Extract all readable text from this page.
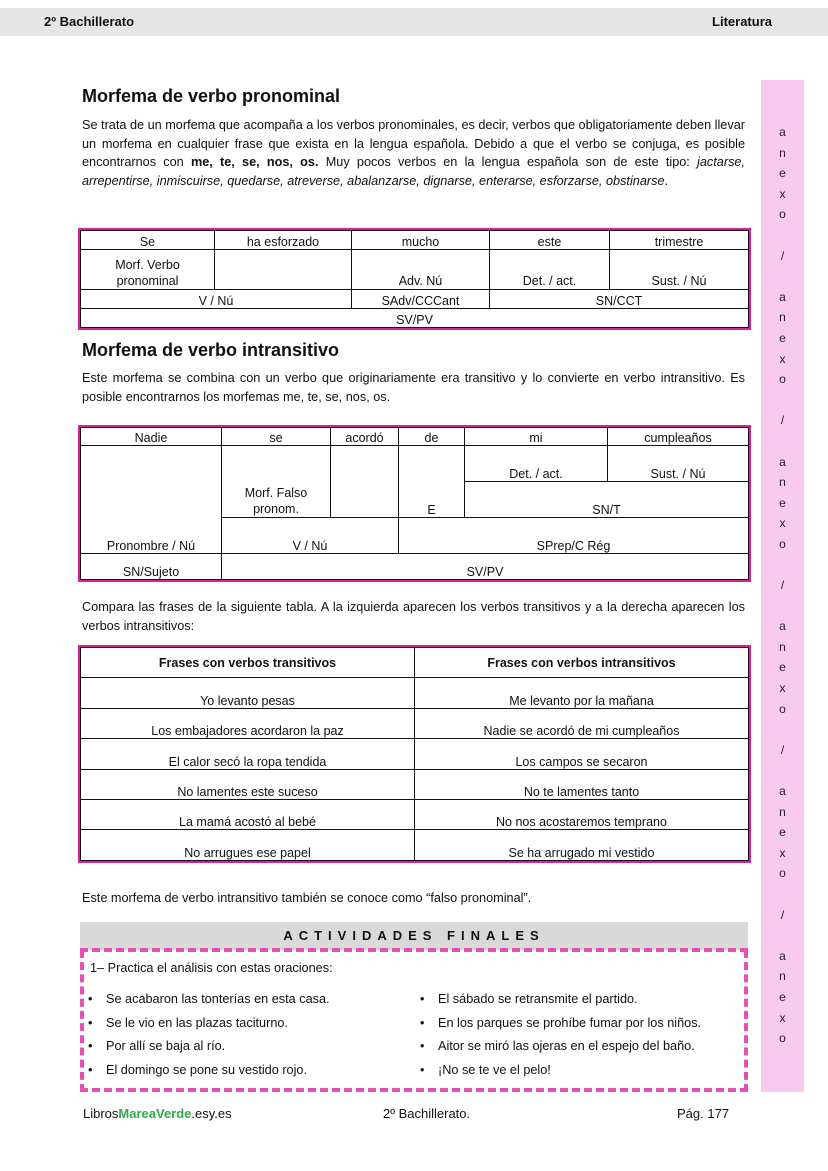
2º Bachillerato	Literatura
a
n
e
x
o

/

a
n
e
x
o

/

a
n
e
x
o

/

a
n
e
x
o

/

a
n
e
x
o

/

a
n
e
x
o
Morfema de verbo pronominal

Se trata de un morfema que acompaña a los verbos pronominales, es decir, verbos que obligatoriamente deben llevar un morfema en cualquier frase que exista en la lengua española. Debido a que el verbo se conjuga, es posible encontrarnos con me, te, se, nos, os. Muy pocos verbos en la lengua española son de este tipo: jactarse, arrepentirse, inmiscuirse, quedarse, atreverse, abalanzarse, dignarse, enterarse, esforzarse, obstinarse.

Se	ha esforzado	mucho	este	trimestre
Morf. Verbo pronominal		Adv. Nú	Det. / act.	Sust. / Nú
V / Nú		SAdv/CCCant	SN/CCT	
SV/PV				
Morfema de verbo intransitivo

Este morfema se combina con un verbo que originariamente era transitivo y lo convierte en verbo intransitivo. Es posible encontrarnos los morfemas me, te, se, nos, os.

Nadie	se	acordó	de	mi	cumpleaños
Pronombre / Nú	Morf. Falso pronom.		E	Det. / act.	Sust. / Nú
				SN/T	
	V / Nú		SPrep/C Rég		
SN/Sujeto	SV/PV				

Compara las frases de la siguiente tabla. A la izquierda aparecen los verbos transitivos y a la derecha aparecen los verbos intransitivos:

Frases con verbos transitivos	Frases con verbos intransitivos
Yo levanto pesas	Me levanto por la mañana
Los embajadores acordaron la paz	Nadie se acordó de mi cumpleaños
El calor secó la ropa tendida	Los campos se secaron
No lamentes este suceso	No te lamentes tanto
La mamá acostó al bebé	No nos acostaremos temprano
No arrugues ese papel	Se ha arrugado mi vestido

Este morfema de verbo intransitivo también se conoce como “falso pronominal”.

ACTIVIDADES FINALES
1– Practica el análisis con estas oraciones:
• Se acabaron las tonterías en esta casa.
• Se le vio en las plazas taciturno.
• Por allí se baja al río.
• El domingo se pone su vestido rojo.
• El sábado se retransmite el partido.
• En los parques se prohíbe fumar por los niños.
• Aitor se miró las ojeras en el espejo del baño.
• ¡No se te ve el pelo!
LibrosMareaVerde.esy.es	2º Bachillerato.	Pág. 177
